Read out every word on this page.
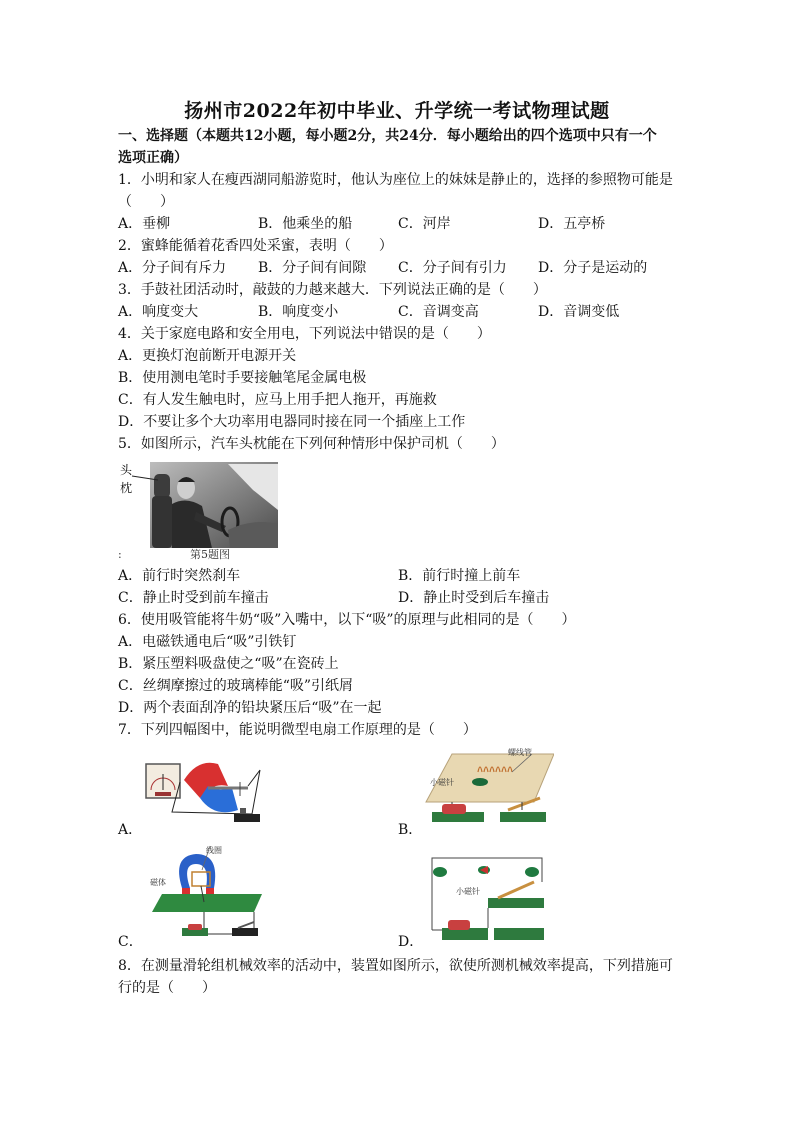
扬州市2022年初中毕业、升学统一考试物理试题
一、选择题（本题共12小题，每小题2分，共24分．每小题给出的四个选项中只有一个
选项正确）
1．小明和家人在瘦西湖同船游览时，他认为座位上的妹妹是静止的，选择的参照物可能是
（　　）
A．垂柳	B．他乘坐的船	C．河岸	D．五亭桥
2．蜜蜂能循着花香四处采蜜，表明（　　）
A．分子间有斥力 B．分子间有间隙 C．分子间有引力 D．分子是运动的
3．手鼓社团活动时，敲鼓的力越来越大．下列说法正确的是（　　）
A．响度变大	B．响度变小	C．音调变高	D．音调变低
4．关于家庭电路和安全用电，下列说法中错误的是（　　）
A．更换灯泡前断开电源开关
B．使用测电笔时手要接触笔尾金属电极
C．有人发生触电时，应马上用手把人拖开，再施救
D．不要让多个大功率用电器同时接在同一个插座上工作
5．如图所示，汽车头枕能在下列何种情形中保护司机（　　）
头
枕
第5题图
:
A．前行时突然刹车	B．前行时撞上前车
C．静止时受到前车撞击	D．静止时受到后车撞击
6．使用吸管能将牛奶“吸”入嘴中，以下“吸”的原理与此相同的是（　　）
A．电磁铁通电后“吸”引铁钉
B．紧压塑料吸盘使之“吸”在瓷砖上
C．丝绸摩擦过的玻璃棒能“吸”引纸屑
D．两个表面刮净的铅块紧压后“吸”在一起
7．下列四幅图中，能说明微型电扇工作原理的是（　　）
A．
螺线管
小磁针
B．
线圈
磁体
C．
小磁针
D．
8．在测量滑轮组机械效率的活动中，装置如图所示，欲使所测机械效率提高，下列措施可
行的是（　　）
